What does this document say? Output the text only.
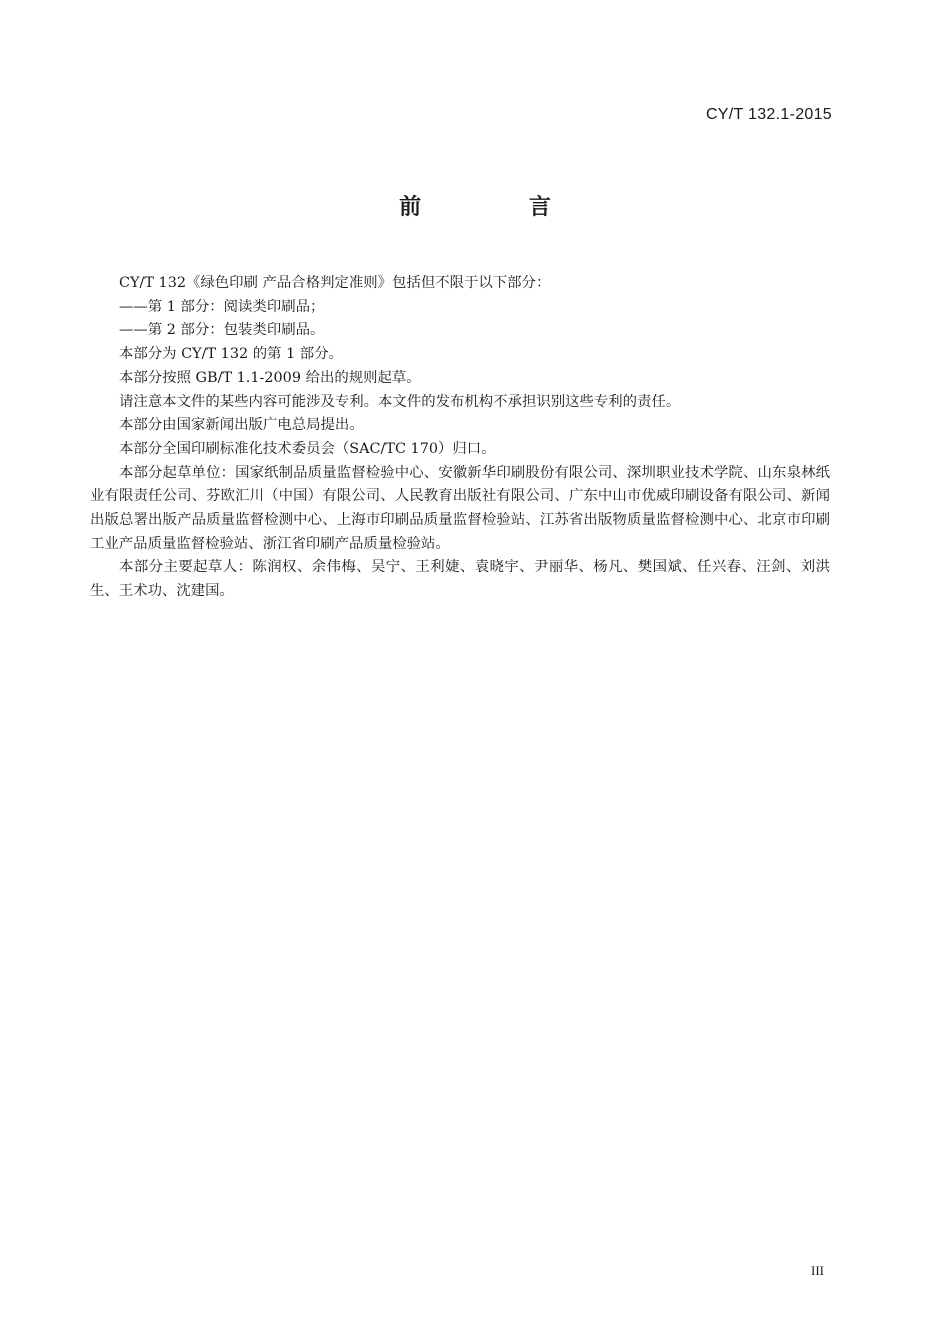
CY/T 132.1-2015
前 言

CY/T 132《绿色印刷 产品合格判定准则》包括但不限于以下部分：

——第 1 部分：阅读类印刷品；

——第 2 部分：包装类印刷品。

本部分为 CY/T 132 的第 1 部分。

本部分按照 GB/T 1.1-2009 给出的规则起草。

请注意本文件的某些内容可能涉及专利。本文件的发布机构不承担识别这些专利的责任。

本部分由国家新闻出版广电总局提出。

本部分全国印刷标准化技术委员会（SAC/TC 170）归口。

本部分起草单位：国家纸制品质量监督检验中心、安徽新华印刷股份有限公司、深圳职业技术学院、山东泉林纸业有限责任公司、芬欧汇川（中国）有限公司、人民教育出版社有限公司、广东中山市优威印刷设备有限公司、新闻出版总署出版产品质量监督检测中心、上海市印刷品质量监督检验站、江苏省出版物质量监督检测中心、北京市印刷工业产品质量监督检验站、浙江省印刷产品质量检验站。

本部分主要起草人：陈润权、余伟梅、吴宁、王利婕、袁晓宇、尹丽华、杨凡、樊国斌、任兴春、汪剑、刘洪生、王术功、沈建国。

III
